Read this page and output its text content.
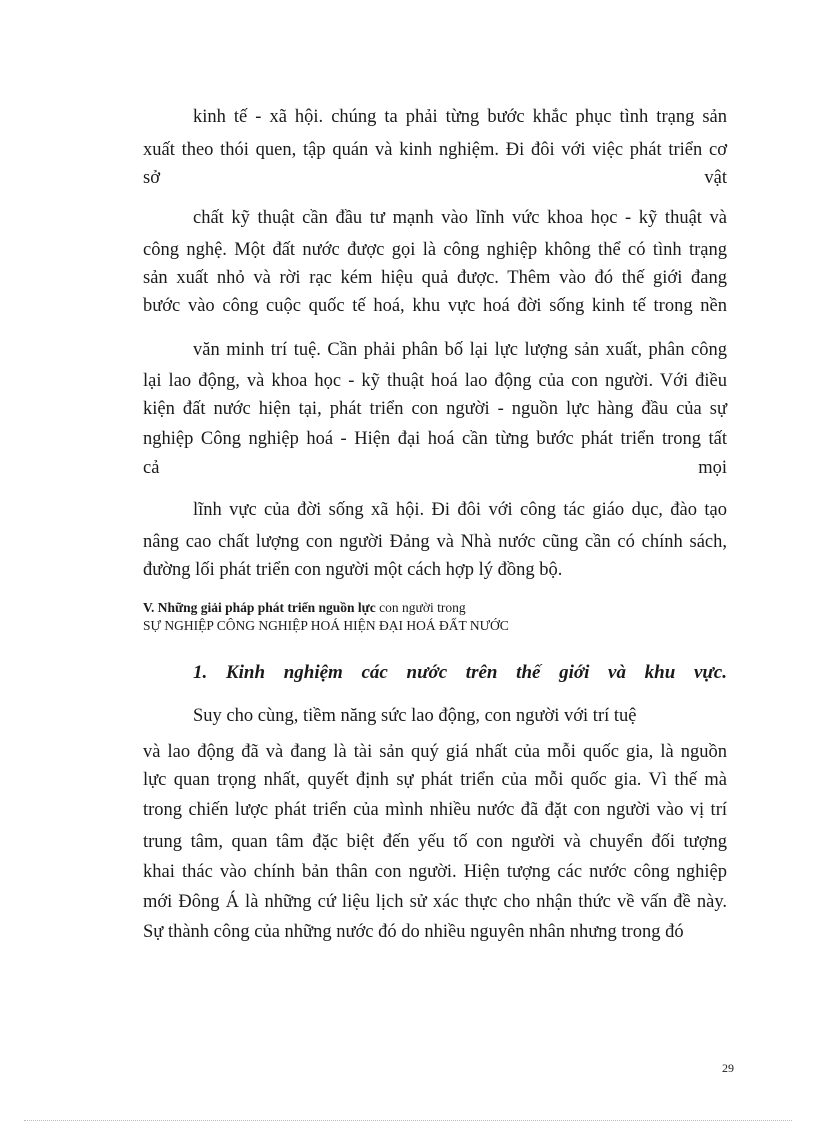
kinh tế - xã hội. chúng ta phải từng bước khắc phục tình trạng sản
xuất theo thói quen, tập quán và kinh nghiệm. Đi đôi với việc phát triển cơ
sở	vật
chất kỹ thuật cần đầu tư mạnh vào lĩnh vức khoa học - kỹ thuật và
công nghệ. Một đất nước được gọi là công nghiệp không thể có tình trạng
sản xuất nhỏ và rời rạc kém hiệu quả được. Thêm vào đó thế giới đang
bước vào công cuộc quốc tế hoá, khu vực hoá đời sống kinh tế trong nền
văn minh trí tuệ. Cần phải phân bố lại lực lượng sản xuất, phân công
lại lao động, và khoa học - kỹ thuật hoá lao động của con người. Với điều
kiện đất nước hiện tại, phát triển con người - nguồn lực hàng đầu của sự
nghiệp Công nghiệp hoá - Hiện đại hoá cần từng bước phát triển trong tất
cả	mọi
lĩnh vực của đời sống xã hội. Đi đôi với công tác giáo dục, đào tạo
nâng cao chất lượng con người Đảng và Nhà nước cũng cần có chính sách,
đường lối phát triển con người một cách hợp lý đồng bộ.
V. Những giải pháp phát triển nguồn lực con người trong
SỰ NGHIỆP CÔNG NGHIỆP HOÁ HIỆN ĐẠI HOÁ ĐẤT NƯỚC
1. Kinh nghiệm các nước trên thế giới và khu vực.
Suy cho cùng, tiềm năng sức lao động, con người với trí tuệ
và lao động đã và đang là tài sản quý giá nhất của mỗi quốc gia, là nguồn
lực quan trọng nhất, quyết định sự phát triển của mỗi quốc gia. Vì thế mà
trong chiến lược phát triển của mình nhiều nước đã đặt con người vào vị trí
trung tâm, quan tâm đặc biệt đến yếu tố con người và chuyển đối tượng
khai thác vào chính bản thân con người. Hiện tượng các nước công nghiệp
mới Đông Á là những cứ liệu lịch sử xác thực cho nhận thức về vấn đề này.
Sự thành công của những nước đó do nhiều nguyên nhân nhưng trong đó
29
